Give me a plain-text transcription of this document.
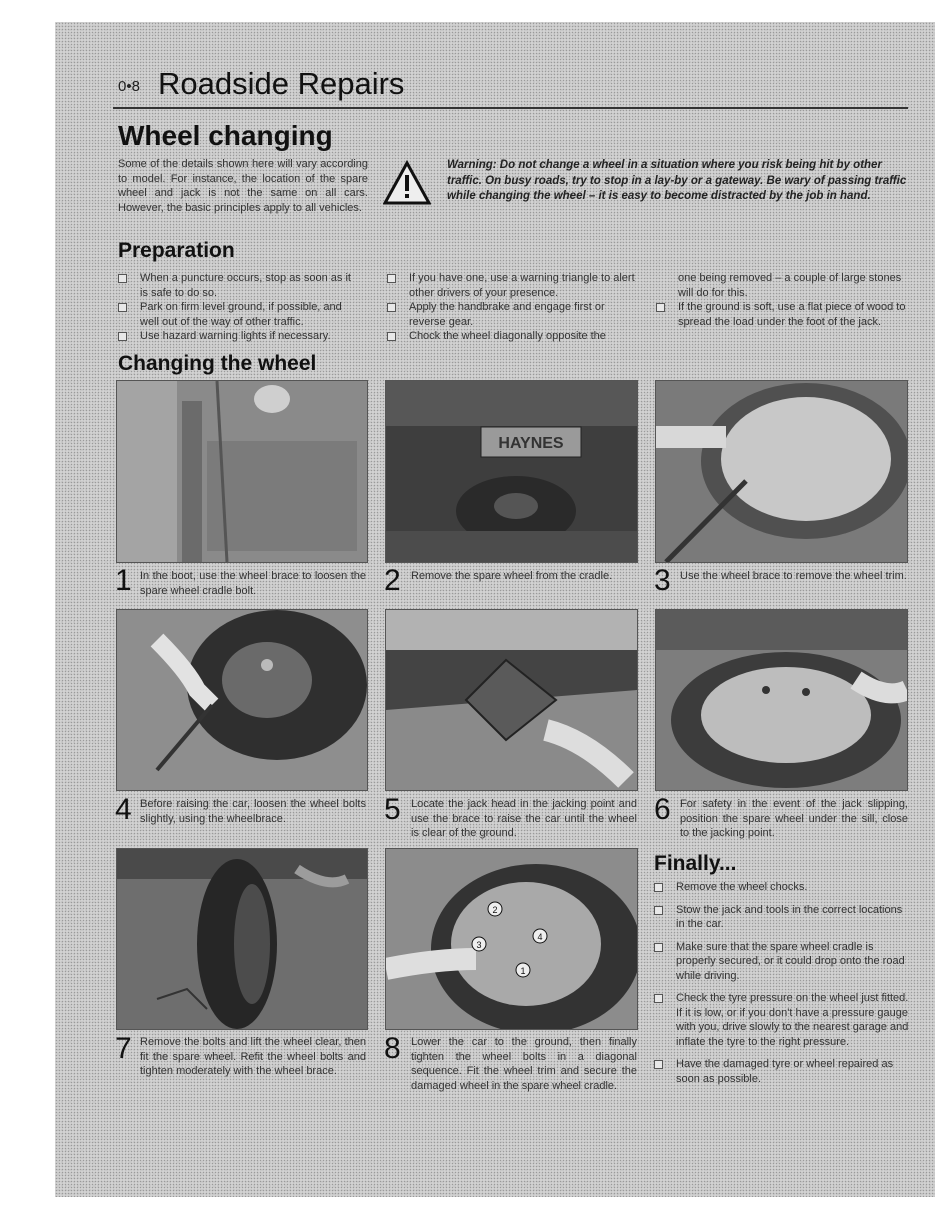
0•8 Roadside Repairs
Wheel changing
Some of the details shown here will vary according to model. For instance, the location of the spare wheel and jack is not the same on all cars. However, the basic principles apply to all vehicles.
Warning: Do not change a wheel in a situation where you risk being hit by other traffic. On busy roads, try to stop in a lay-by or a gateway. Be wary of passing traffic while changing the wheel – it is easy to become distracted by the job in hand.
Preparation

When a puncture occurs, stop as soon as it is safe to do so.

Park on firm level ground, if possible, and well out of the way of other traffic.

Use hazard warning lights if necessary.

If you have one, use a warning triangle to alert other drivers of your presence.

Apply the handbrake and engage first or reverse gear.

Chock the wheel diagonally opposite the

one being removed – a couple of large stones will do for this.

If the ground is soft, use a flat piece of wood to spread the load under the foot of the jack.

Changing the wheel
HAYNES
1 In the boot, use the wheel brace to loosen the spare wheel cradle bolt.	2 Remove the spare wheel from the cradle.	3 Use the wheel brace to remove the wheel trim.
4 Before raising the car, loosen the wheel bolts slightly, using the wheelbrace.	5 Locate the jack head in the jacking point and use the brace to raise the car until the wheel is clear of the ground.
6 For safety in the event of the jack slipping, position the spare wheel under the sill, close to the jacking point.
2
3
4
1
7 Remove the bolts and lift the wheel clear, then fit the spare wheel. Refit the wheel bolts and tighten moderately with the wheel brace.
8 Lower the car to the ground, then finally tighten the wheel bolts in a diagonal sequence. Fit the wheel trim and secure the damaged wheel in the spare wheel cradle.
Finally...

Remove the wheel chocks.

Stow the jack and tools in the correct locations in the car.

Make sure that the spare wheel cradle is properly secured, or it could drop onto the road while driving.

Check the tyre pressure on the wheel just fitted. If it is low, or if you don't have a pressure gauge with you, drive slowly to the nearest garage and inflate the tyre to the right pressure.

Have the damaged tyre or wheel repaired as soon as possible.
